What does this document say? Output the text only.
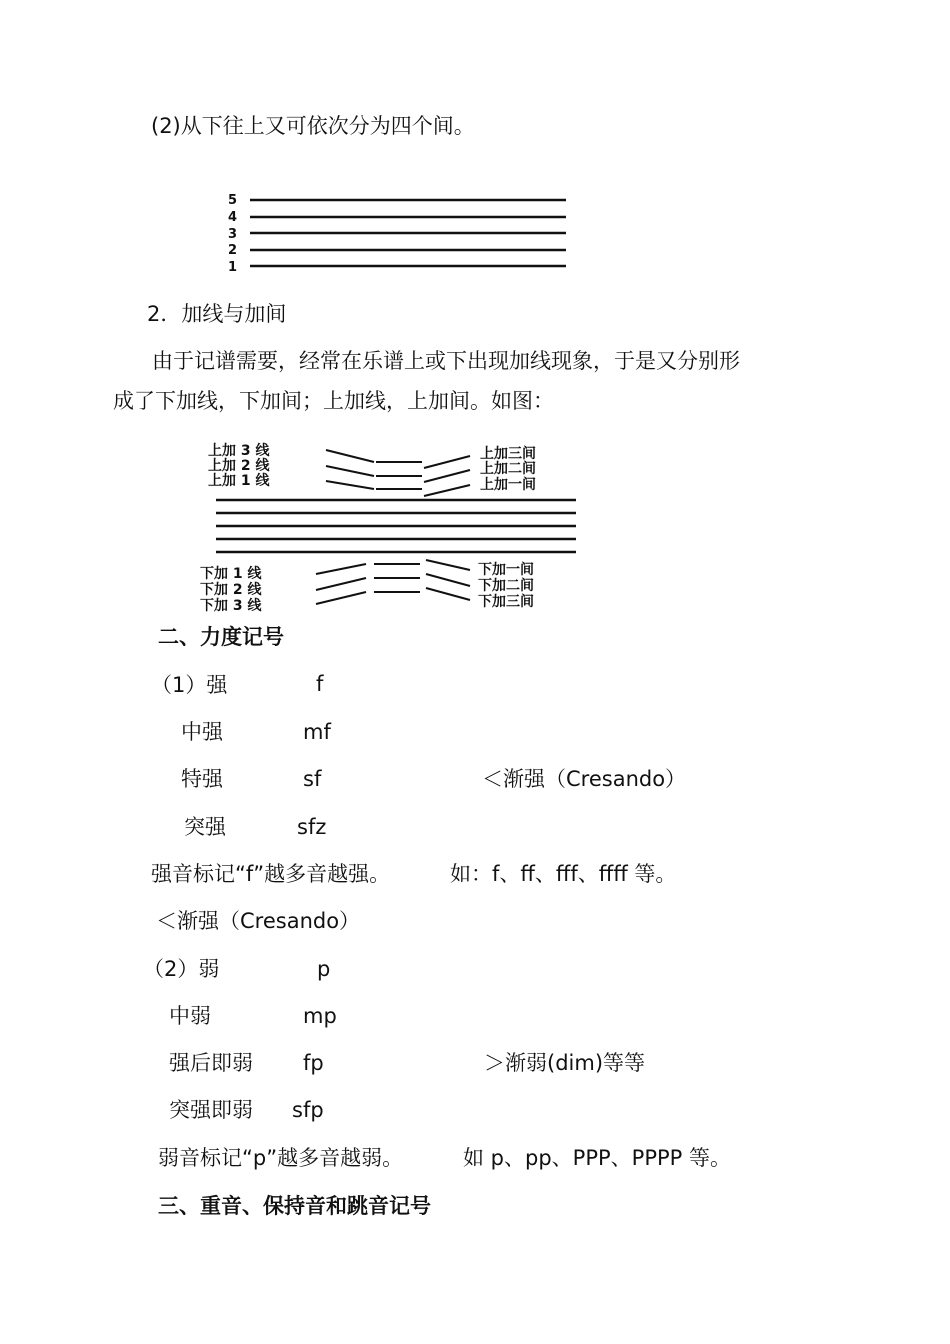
(2)从下往上又可依次分为四个间。
5
4
3
2
1
2．加线与加间
由于记谱需要，经常在乐谱上或下出现加线现象，于是又分别形
成了下加线，下加间；上加线，上加间。如图：
上加 3 线
上加 2 线
上加 1 线
上加三间
上加二间
上加一间
下加 1 线
下加 2 线
下加 3 线
下加一间
下加二间
下加三间
二、力度记号
（1）强	f
中强	mf
特强	sf	＜渐强（Cresando）
突强	sfz
强音标记“f”越多音越强。	如：f、ff、fff、ffff 等。
＜渐强（Cresando）
（2）弱	p
中弱	mp
强后即弱 fp	＞渐弱(dim)等等
突强即弱 sfp
弱音标记“p”越多音越弱。	如 p、pp、PPP、PPPP 等。
三、重音、保持音和跳音记号
